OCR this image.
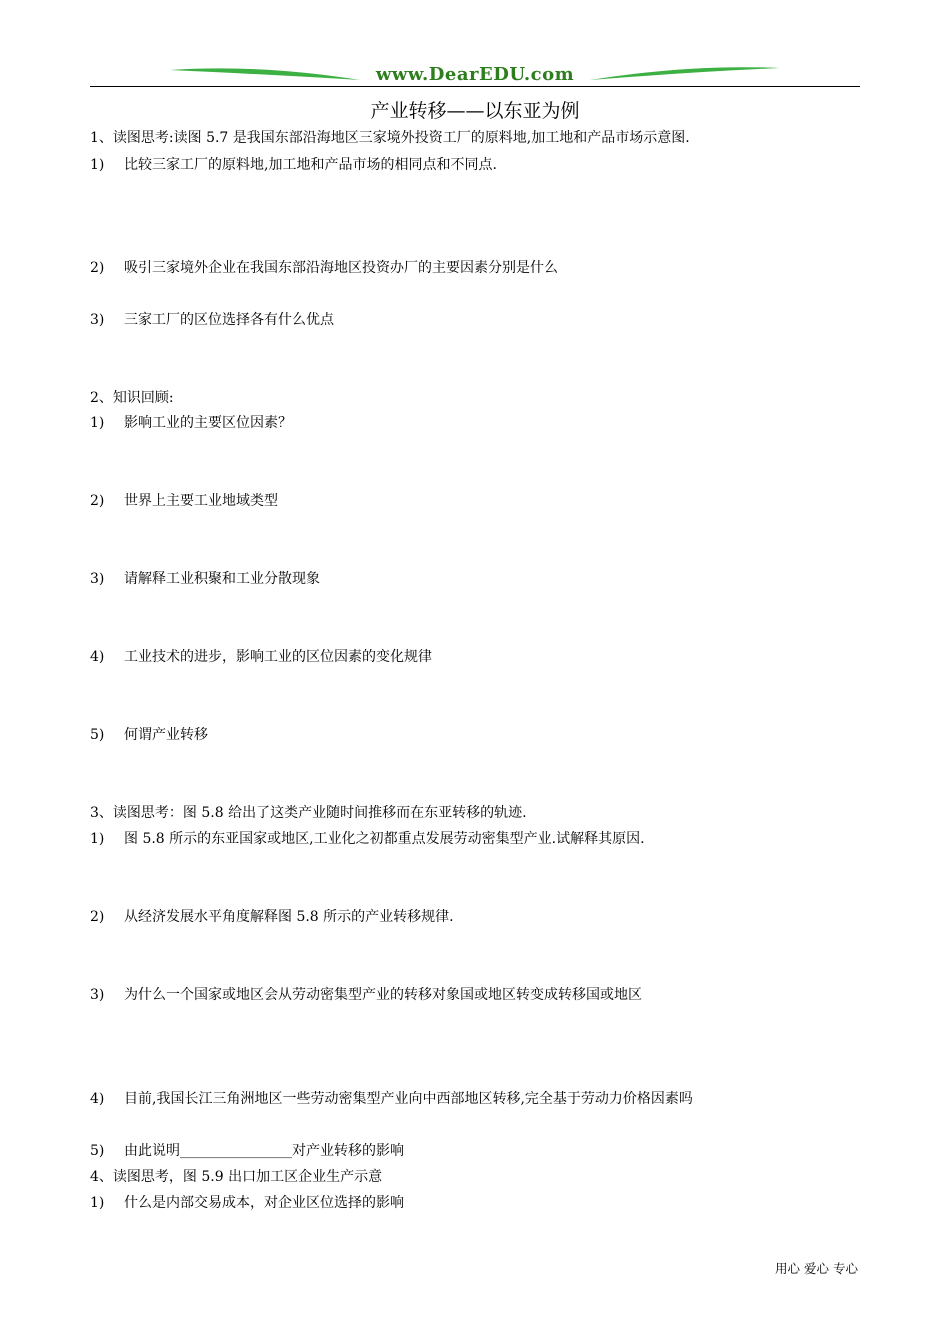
www.DearEDU.com
产业转移——以东亚为例
1、读图思考:读图 5.7 是我国东部沿海地区三家境外投资工厂的原料地,加工地和产品市场示意图.
1) 比较三家工厂的原料地,加工地和产品市场的相同点和不同点.
2) 吸引三家境外企业在我国东部沿海地区投资办厂的主要因素分别是什么
3) 三家工厂的区位选择各有什么优点
2、知识回顾:
1) 影响工业的主要区位因素？
2) 世界上主要工业地域类型
3) 请解释工业积聚和工业分散现象
4) 工业技术的进步，影响工业的区位因素的变化规律
5) 何谓产业转移
3、读图思考：图 5.8 给出了这类产业随时间推移而在东亚转移的轨迹.
1) 图 5.8 所示的东亚国家或地区,工业化之初都重点发展劳动密集型产业.试解释其原因.
2) 从经济发展水平角度解释图 5.8 所示的产业转移规律.
3) 为什么一个国家或地区会从劳动密集型产业的转移对象国或地区转变成转移国或地区
4) 目前,我国长江三角洲地区一些劳动密集型产业向中西部地区转移,完全基于劳动力价格因素吗
5) 由此说明________________对产业转移的影响
4、读图思考，图 5.9 出口加工区企业生产示意
1) 什么是内部交易成本，对企业区位选择的影响
用心 爱心 专心
